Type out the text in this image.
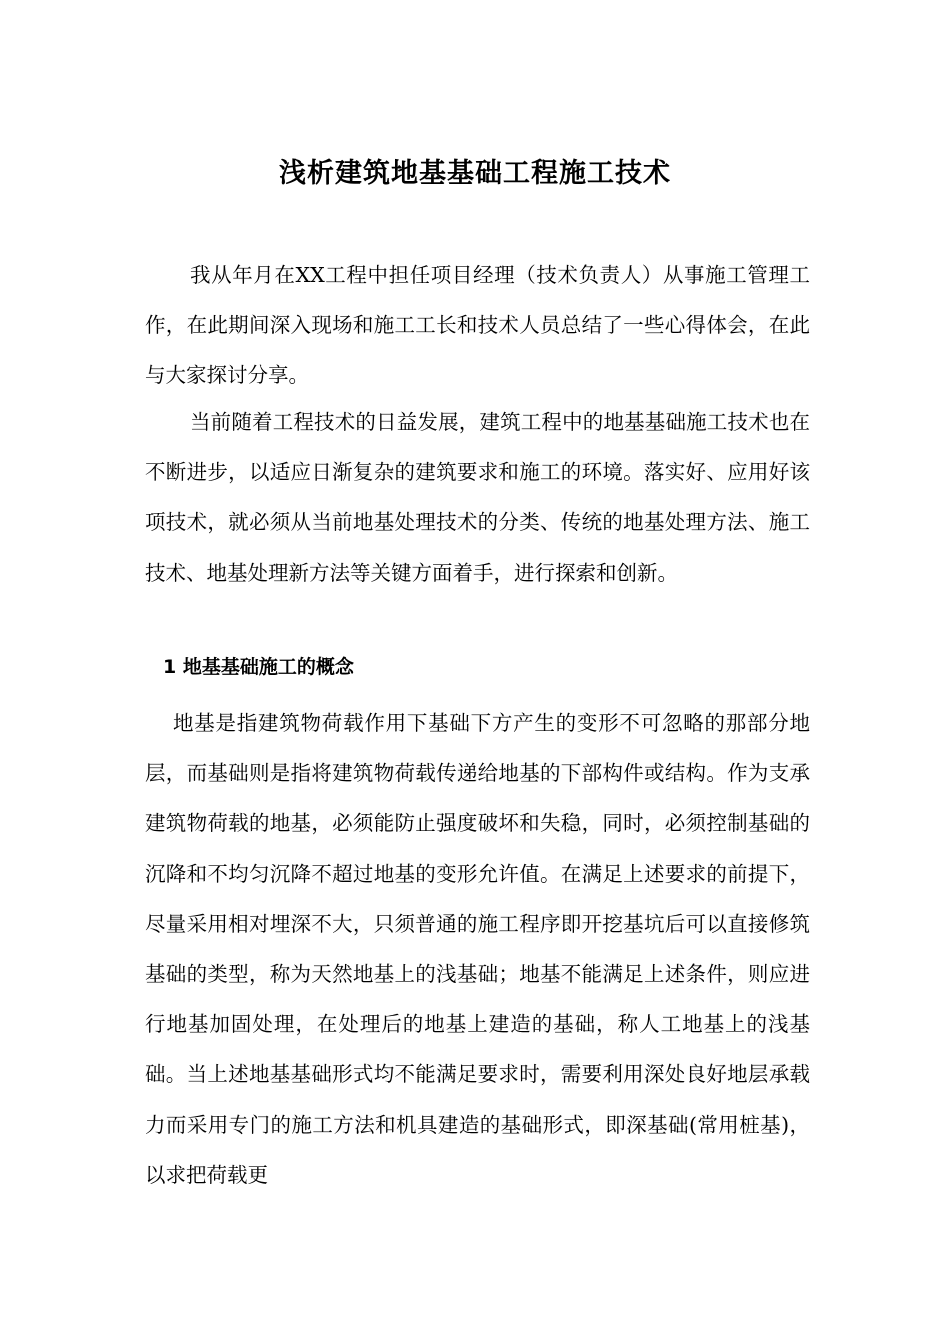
浅析建筑地基基础工程施工技术

我从年月在XX工程中担任项目经理（技术负责人）从事施工管理工作，在此期间深入现场和施工工长和技术人员总结了一些心得体会，在此与大家探讨分享。

当前随着工程技术的日益发展，建筑工程中的地基基础施工技术也在不断进步，以适应日渐复杂的建筑要求和施工的环境。落实好、应用好该项技术，就必须从当前地基处理技术的分类、传统的地基处理方法、施工技术、地基处理新方法等关键方面着手，进行探索和创新。

1 地基基础施工的概念

地基是指建筑物荷载作用下基础下方产生的变形不可忽略的那部分地层，而基础则是指将建筑物荷载传递给地基的下部构件或结构。作为支承建筑物荷载的地基，必须能防止强度破坏和失稳，同时，必须控制基础的沉降和不均匀沉降不超过地基的变形允许值。在满足上述要求的前提下，尽量采用相对埋深不大，只须普通的施工程序即开挖基坑后可以直接修筑基础的类型，称为天然地基上的浅基础；地基不能满足上述条件，则应进行地基加固处理，在处理后的地基上建造的基础，称人工地基上的浅基础。当上述地基基础形式均不能满足要求时，需要利用深处良好地层承载力而采用专门的施工方法和机具建造的基础形式，即深基础(常用桩基)，以求把荷载更
